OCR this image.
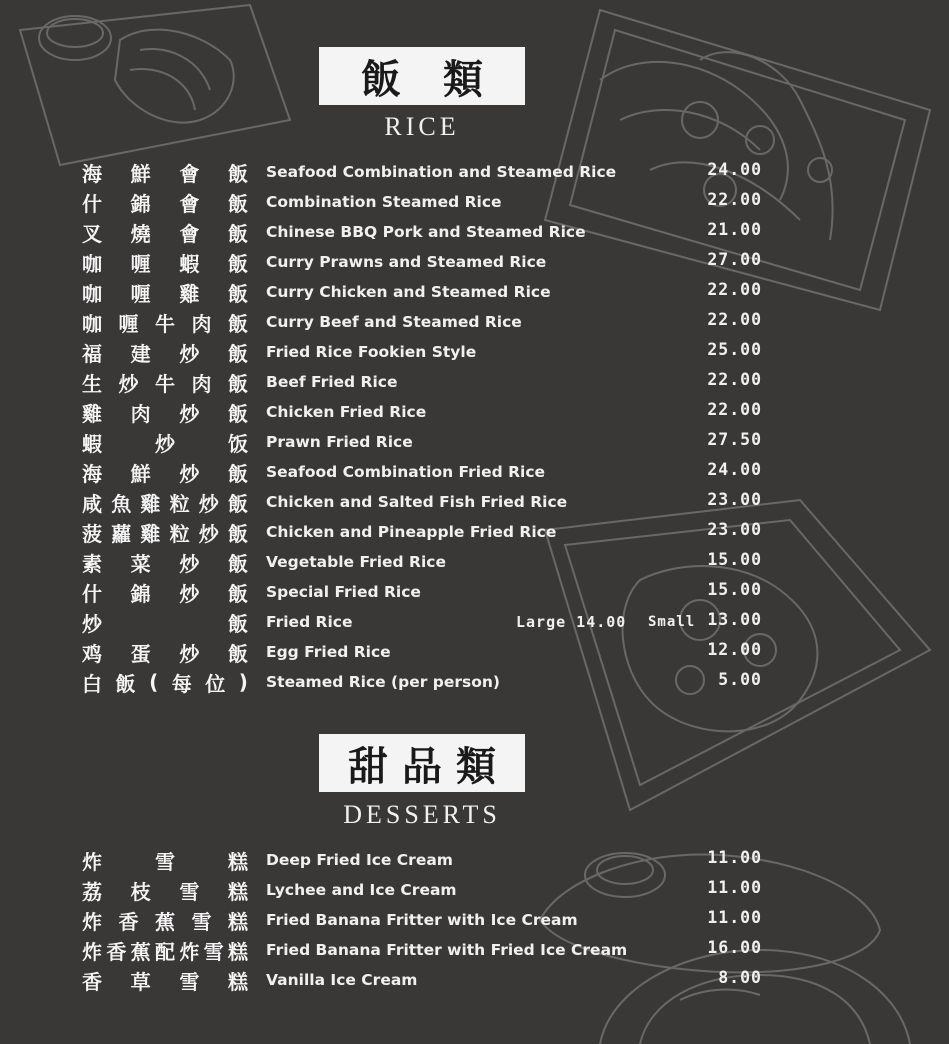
飯 類
RICE
海 鮮 會 飯 Seafood Combination and Steamed Rice	24.00
什 錦 會 飯 Combination Steamed Rice	22.00
叉 燒 會 飯 Chinese BBQ Pork and Steamed Rice	21.00
咖 喱 蝦 飯 Curry Prawns and Steamed Rice	27.00
咖 喱 雞 飯 Curry Chicken and Steamed Rice	22.00
咖 喱 牛 肉 飯 Curry Beef and Steamed Rice	22.00
福 建 炒 飯 Fried Rice Fookien Style	25.00
生 炒 牛 肉 飯 Beef Fried Rice	22.00
雞 肉 炒 飯 Chicken Fried Rice	22.00
蝦	炒	饭 Prawn Fried Rice	27.50
海 鮮 炒 飯 Seafood Combination Fried Rice	24.00
咸 魚 雞 粒 炒 飯 Chicken and Salted Fish Fried Rice	23.00
菠 蘿 雞 粒 炒 飯 Chicken and Pineapple Fried Rice	23.00
素 菜 炒 飯 Vegetable Fried Rice	15.00
什 錦 炒 飯 Special Fried Rice	15.00
炒	飯 Fried Rice	Large 14.00 Small 13.00
鸡 蛋 炒 飯 Egg Fried Rice	12.00
白 飯 ( 每 位 ) Steamed Rice (per person)	5.00
甜品類
DESSERTS
炸	雪	糕 Deep Fried Ice Cream	11.00
荔 枝 雪 糕 Lychee and Ice Cream	11.00
炸 香 蕉 雪 糕 Fried Banana Fritter with Ice Cream	11.00
炸 香 蕉 配 炸 雪 糕 Fried Banana Fritter with Fried Ice Cream	16.00
香 草 雪 糕 Vanilla Ice Cream	8.00
